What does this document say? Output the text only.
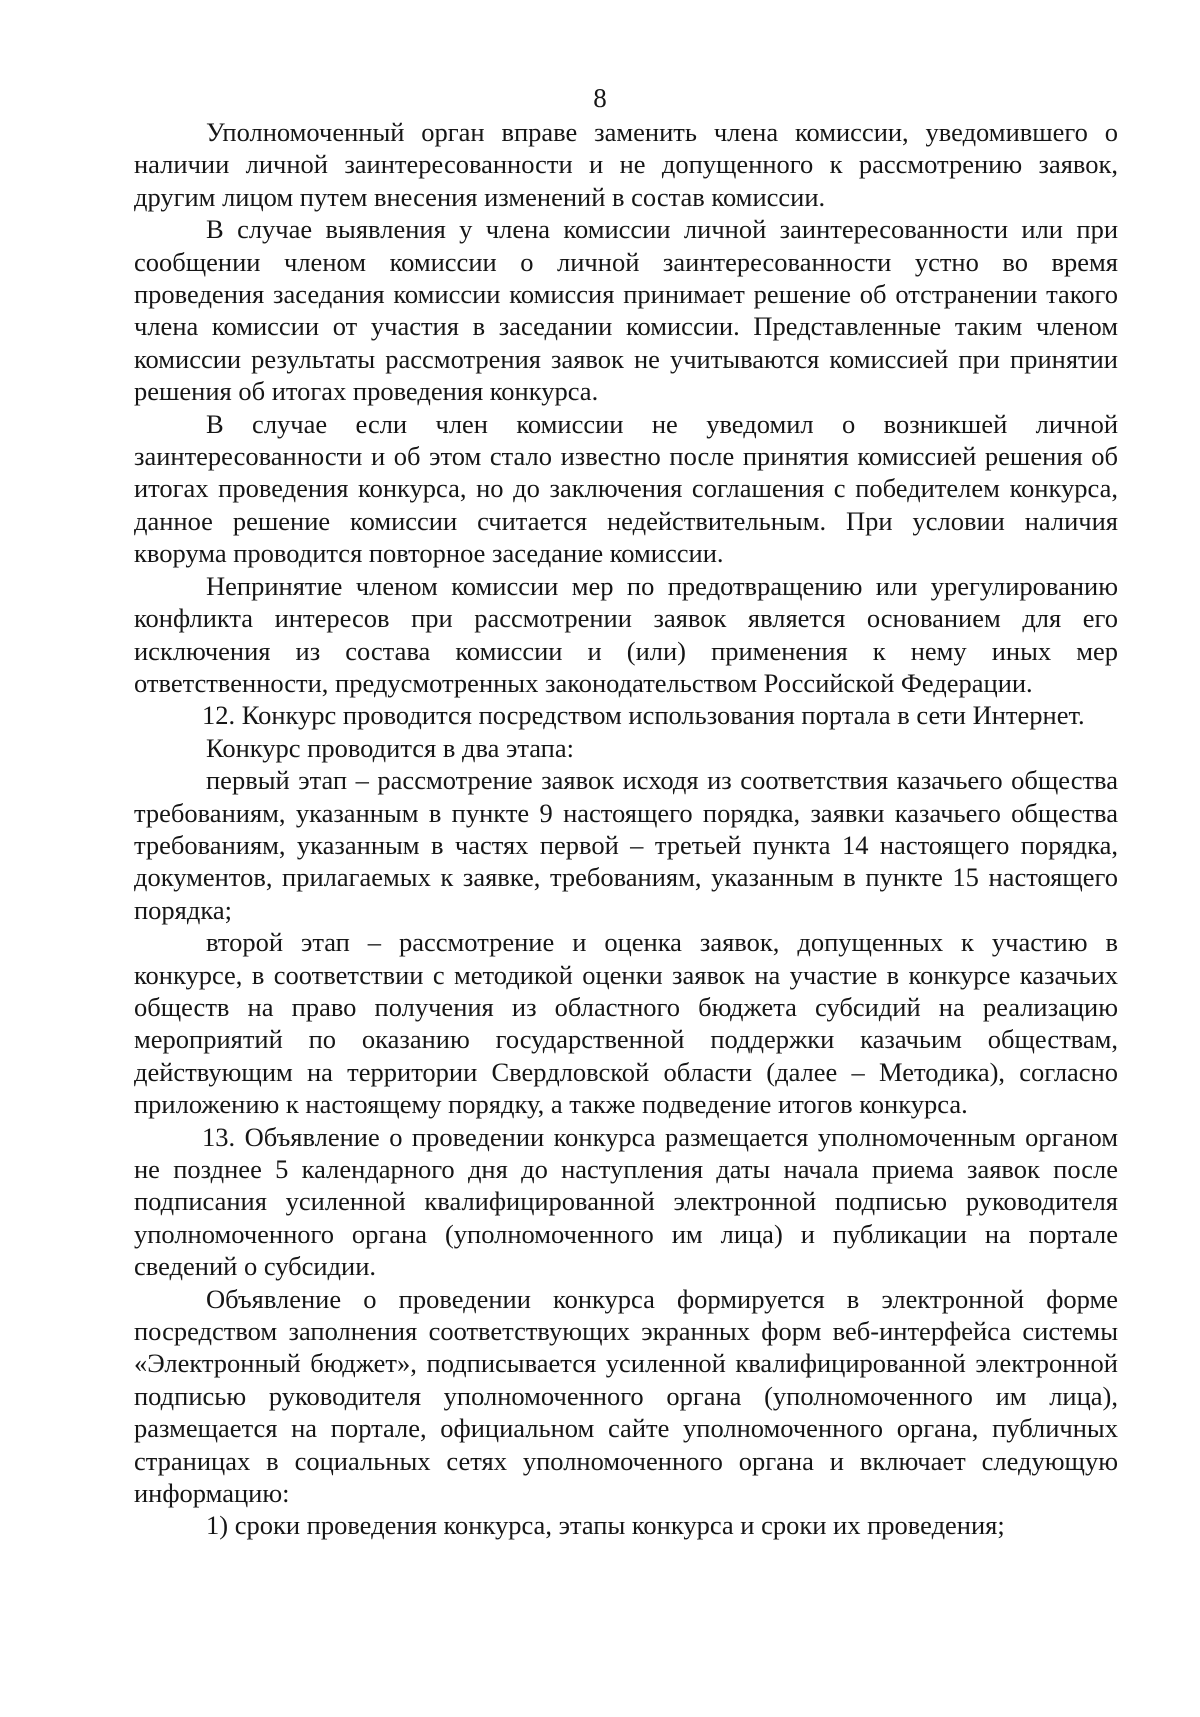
8

Уполномоченный орган вправе заменить члена комиссии, уведомившего о наличии личной заинтересованности и не допущенного к рассмотрению заявок, другим лицом путем внесения изменений в состав комиссии.

В случае выявления у члена комиссии личной заинтересованности или при сообщении членом комиссии о личной заинтересованности устно во время проведения заседания комиссии комиссия принимает решение об отстранении такого члена комиссии от участия в заседании комиссии. Представленные таким членом комиссии результаты рассмотрения заявок не учитываются комиссией при принятии решения об итогах проведения конкурса.

В случае если член комиссии не уведомил о возникшей личной заинтересованности и об этом стало известно после принятия комиссией решения об итогах проведения конкурса, но до заключения соглашения с победителем конкурса, данное решение комиссии считается недействительным. При условии наличия кворума проводится повторное заседание комиссии.

Непринятие членом комиссии мер по предотвращению или урегулированию конфликта интересов при рассмотрении заявок является основанием для его исключения из состава комиссии и (или) применения к нему иных мер ответственности, предусмотренных законодательством Российской Федерации.

12. Конкурс проводится посредством использования портала в сети Интернет.

Конкурс проводится в два этапа:

первый этап – рассмотрение заявок исходя из соответствия казачьего общества требованиям, указанным в пункте 9 настоящего порядка, заявки казачьего общества требованиям, указанным в частях первой – третьей пункта 14 настоящего порядка, документов, прилагаемых к заявке, требованиям, указанным в пункте 15 настоящего порядка;

второй этап – рассмотрение и оценка заявок, допущенных к участию в конкурсе, в соответствии с методикой оценки заявок на участие в конкурсе казачьих обществ на право получения из областного бюджета субсидий на реализацию мероприятий по оказанию государственной поддержки казачьим обществам, действующим на территории Свердловской области (далее – Методика), согласно приложению к настоящему порядку, а также подведение итогов конкурса.

13. Объявление о проведении конкурса размещается уполномоченным органом не позднее 5 календарного дня до наступления даты начала приема заявок после подписания усиленной квалифицированной электронной подписью руководителя уполномоченного органа (уполномоченного им лица) и публикации на портале сведений о субсидии.

Объявление о проведении конкурса формируется в электронной форме посредством заполнения соответствующих экранных форм веб-интерфейса системы «Электронный бюджет», подписывается усиленной квалифицированной электронной подписью руководителя уполномоченного органа (уполномоченного им лица), размещается на портале, официальном сайте уполномоченного органа, публичных страницах в социальных сетях уполномоченного органа и включает следующую информацию:

1) сроки проведения конкурса, этапы конкурса и сроки их проведения;
